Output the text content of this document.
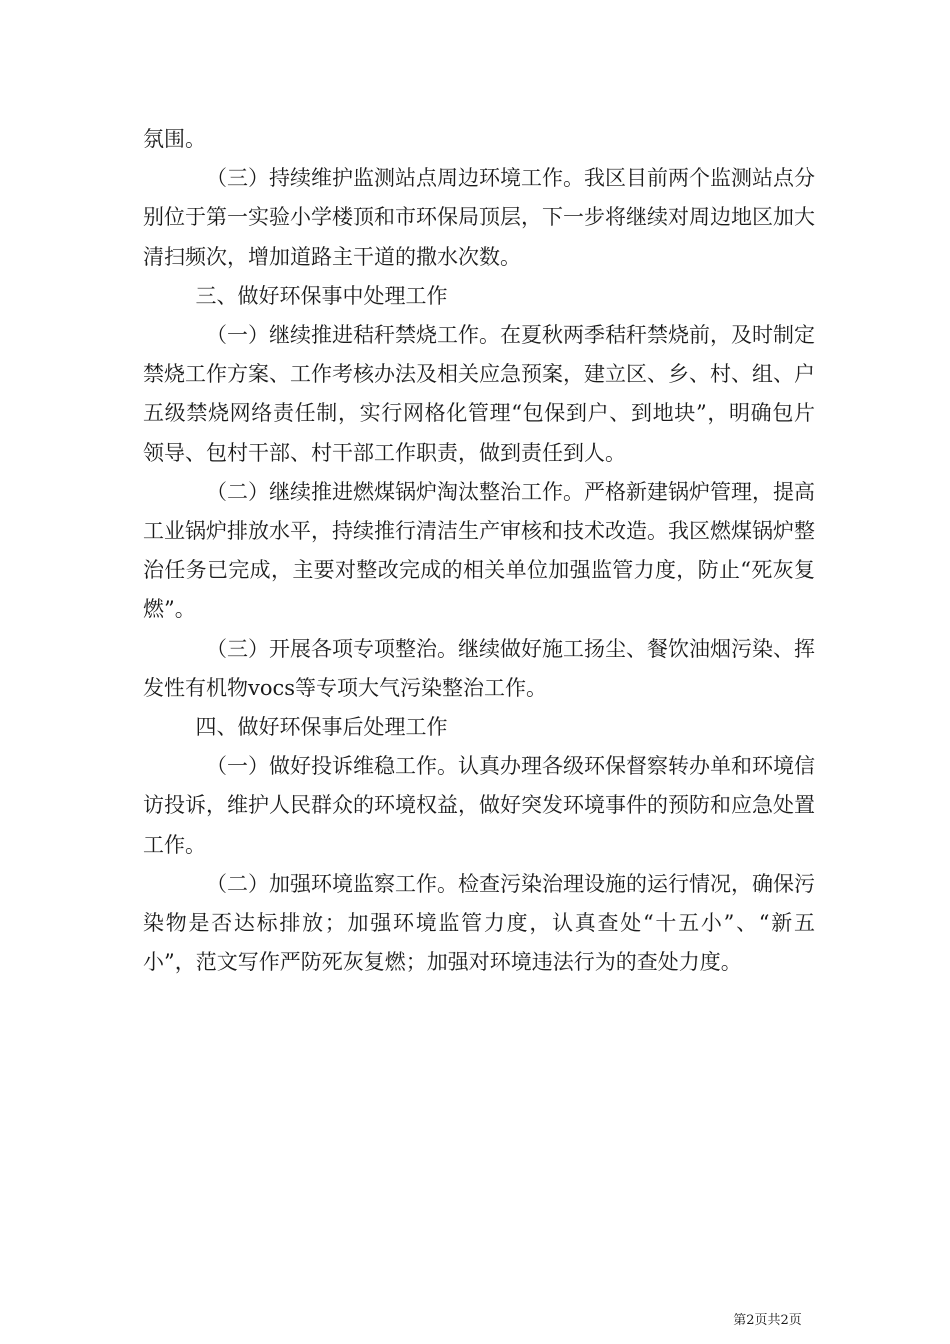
氛围。

（三）持续维护监测站点周边环境工作。我区目前两个监测站点分别位于第一实验小学楼顶和市环保局顶层，下一步将继续对周边地区加大清扫频次，增加道路主干道的撒水次数。

三、做好环保事中处理工作

（一）继续推进秸秆禁烧工作。在夏秋两季秸秆禁烧前，及时制定禁烧工作方案、工作考核办法及相关应急预案，建立区、乡、村、组、户五级禁烧网络责任制，实行网格化管理“包保到户、到地块”，明确包片领导、包村干部、村干部工作职责，做到责任到人。

（二）继续推进燃煤锅炉淘汰整治工作。严格新建锅炉管理，提高工业锅炉排放水平，持续推行清洁生产审核和技术改造。我区燃煤锅炉整治任务已完成，主要对整改完成的相关单位加强监管力度，防止“死灰复燃”。

（三）开展各项专项整治。继续做好施工扬尘、餐饮油烟污染、挥发性有机物vocs等专项大气污染整治工作。

四、做好环保事后处理工作

（一）做好投诉维稳工作。认真办理各级环保督察转办单和环境信访投诉，维护人民群众的环境权益，做好突发环境事件的预防和应急处置工作。

（二）加强环境监察工作。检查污染治理设施的运行情况，确保污染物是否达标排放；加强环境监管力度，认真查处“十五小”、“新五小”，范文写作严防死灰复燃；加强对环境违法行为的查处力度。

第2页共2页
